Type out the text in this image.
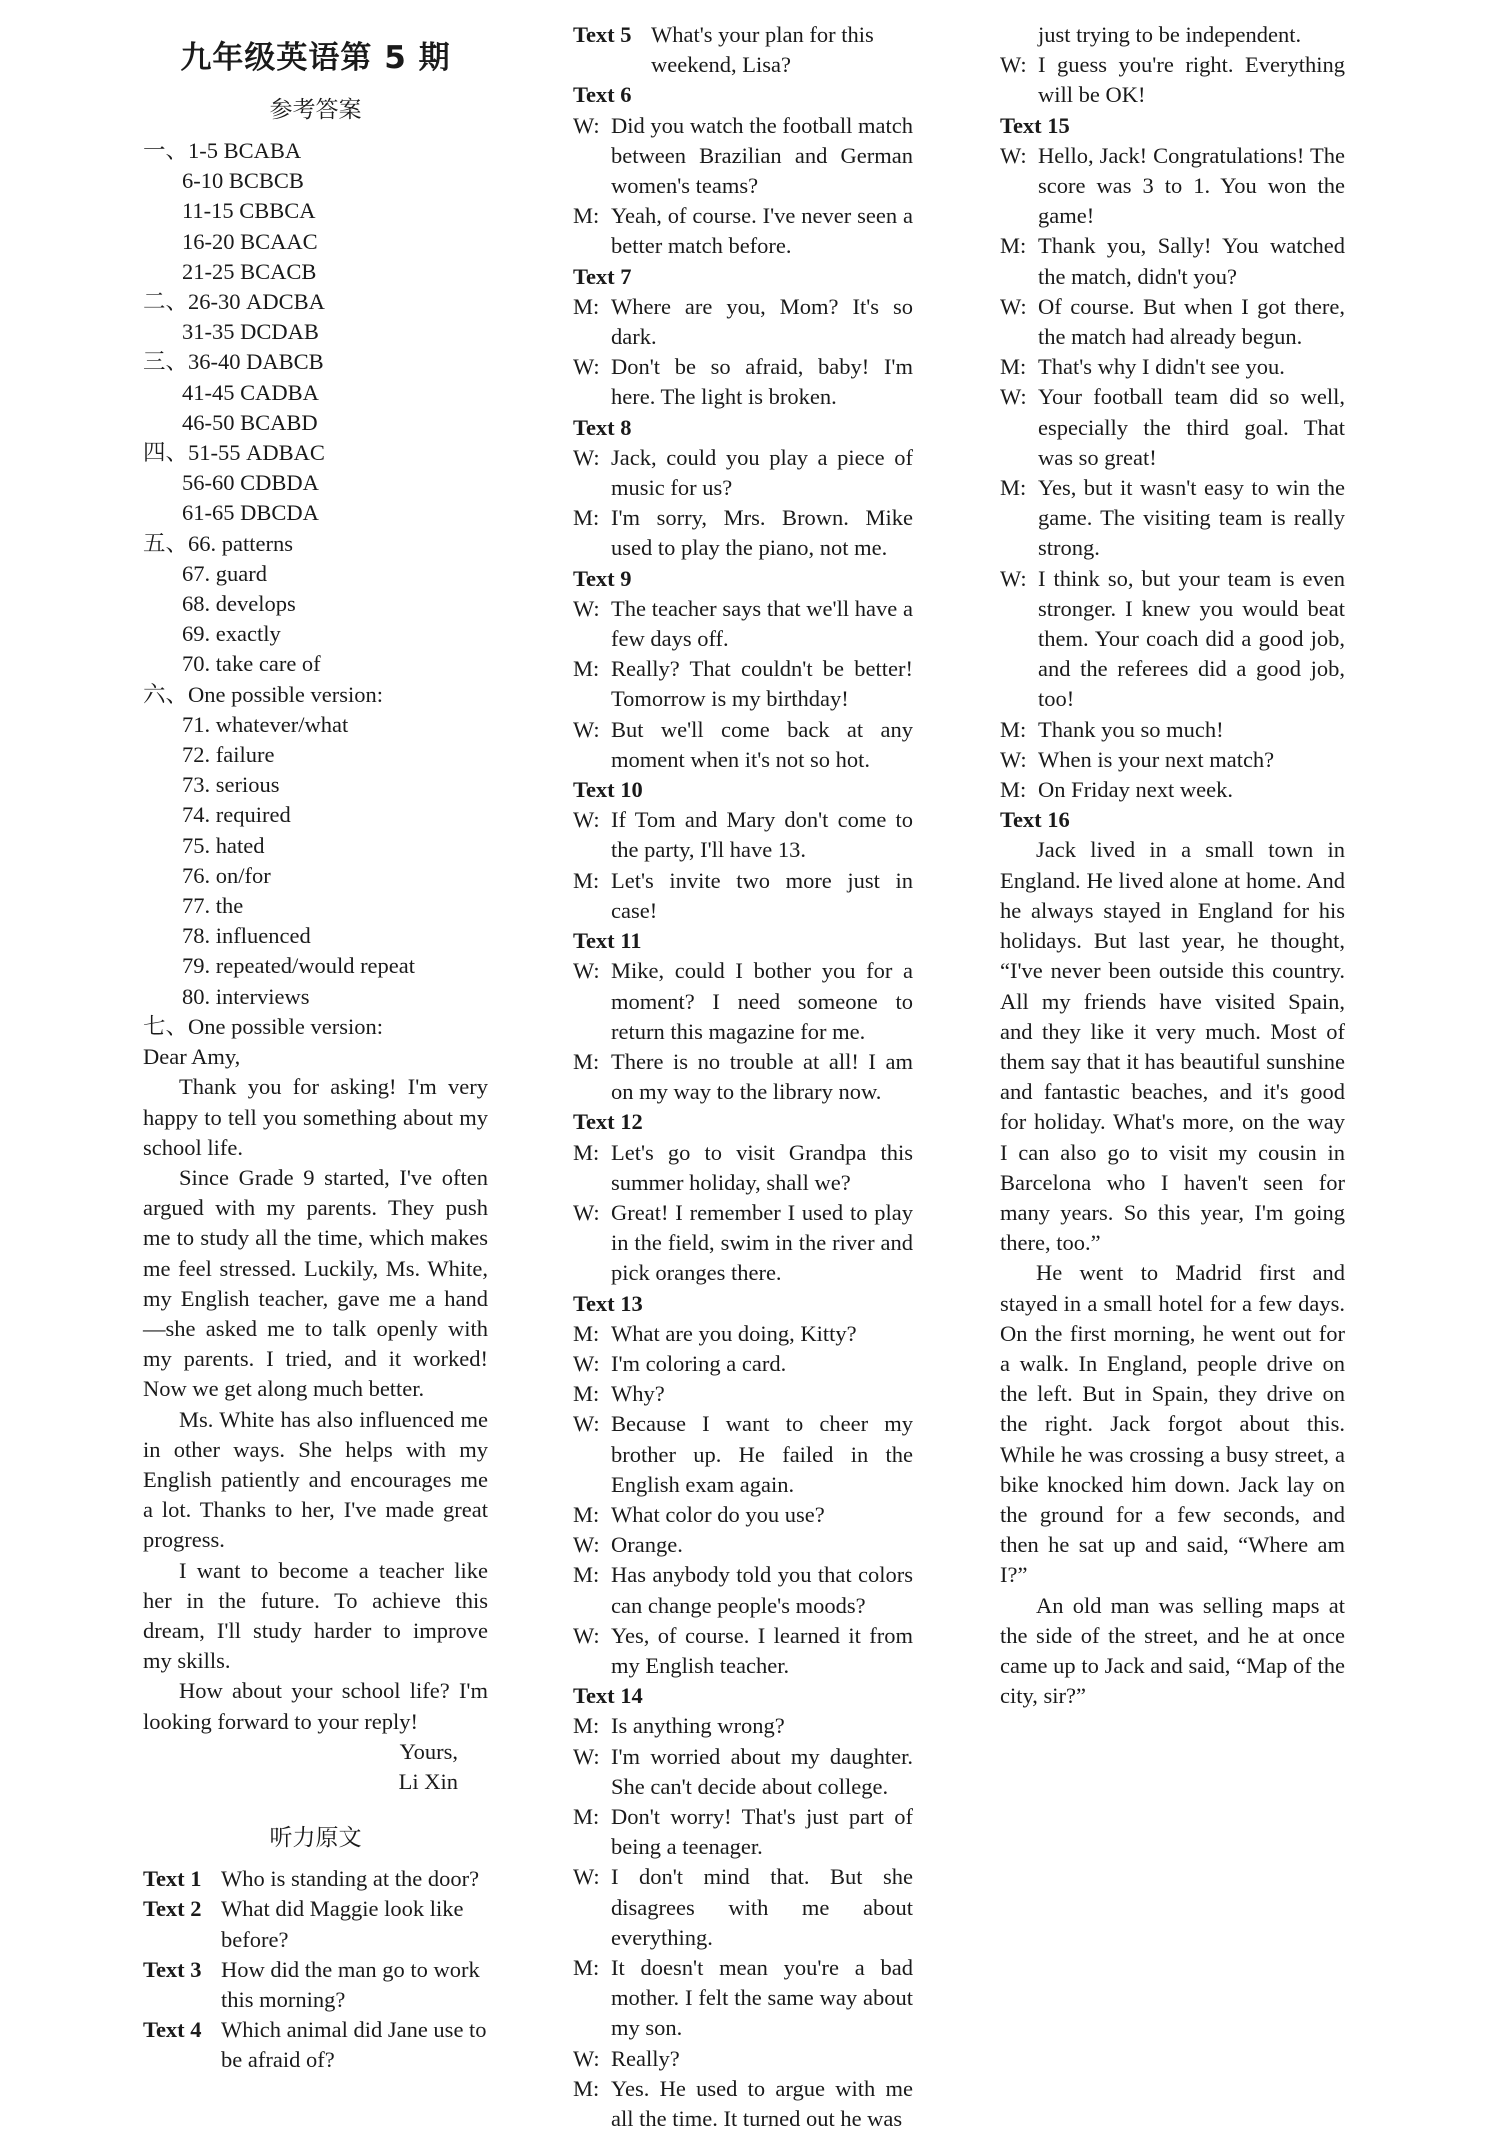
九年级英语第 5 期
参考答案
一、1-5 BCABA
6-10 BCBCB
11-15 CBBCA
16-20 BCAAC
21-25 BCACB
二、26-30 ADCBA
31-35 DCDAB
三、36-40 DABCB
41-45 CADBA
46-50 BCABD
四、51-55 ADBAC
56-60 CDBDA
61-65 DBCDA
五、66. patterns
67. guard
68. develops
69. exactly
70. take care of
六、One possible version:
71. whatever/what
72. failure
73. serious
74. required
75. hated
76. on/for
77. the
78. influenced
79. repeated/would repeat
80. interviews
七、One possible version:
Dear Amy,
Thank you for asking! I'm very happy to tell you something about my school life.
Since Grade 9 started, I've often argued with my parents. They push me to study all the time, which makes me feel stressed. Luckily, Ms. White, my English teacher, gave me a hand—she asked me to talk openly with my parents. I tried, and it worked! Now we get along much better.
Ms. White has also influenced me in other ways. She helps with my English patiently and encourages me a lot. Thanks to her, I've made great progress.
I want to become a teacher like her in the future. To achieve this dream, I'll study harder to improve my skills.
How about your school life? I'm looking forward to your reply!
Yours,
Li Xin
听力原文
Text 1 Who is standing at the door?
Text 2 What did Maggie look like before?
Text 3 How did the man go to work this morning?
Text 4 Which animal did Jane use to be afraid of?
Text 5 What's your plan for this weekend, Lisa?
Text 6
W: Did you watch the football match between Brazilian and German women's teams?
M: Yeah, of course. I've never seen a better match before.
Text 7
M: Where are you, Mom? It's so dark.
W: Don't be so afraid, baby! I'm here. The light is broken.
Text 8
W: Jack, could you play a piece of music for us?
M: I'm sorry, Mrs. Brown. Mike used to play the piano, not me.
Text 9
W: The teacher says that we'll have a few days off.
M: Really? That couldn't be better! Tomorrow is my birthday!
W: But we'll come back at any moment when it's not so hot.
Text 10
W: If Tom and Mary don't come to the party, I'll have 13.
M: Let's invite two more just in case!
Text 11
W: Mike, could I bother you for a moment? I need someone to return this magazine for me.
M: There is no trouble at all! I am on my way to the library now.
Text 12
M: Let's go to visit Grandpa this summer holiday, shall we?
W: Great! I remember I used to play in the field, swim in the river and pick oranges there.
Text 13
M: What are you doing, Kitty?
W: I'm coloring a card.
M: Why?
W: Because I want to cheer my brother up. He failed in the English exam again.
M: What color do you use?
W: Orange.
M: Has anybody told you that colors can change people's moods?
W: Yes, of course. I learned it from my English teacher.
Text 14
M: Is anything wrong?
W: I'm worried about my daughter. She can't decide about college.
M: Don't worry! That's just part of being a teenager.
W: I don't mind that. But she disagrees with me about everything.
M: It doesn't mean you're a bad mother. I felt the same way about my son.
W: Really?
M: Yes. He used to argue with me all the time. It turned out he was
just trying to be independent.
W: I guess you're right. Everything will be OK!
Text 15
W: Hello, Jack! Congratulations! The score was 3 to 1. You won the game!
M: Thank you, Sally! You watched the match, didn't you?
W: Of course. But when I got there, the match had already begun.
M: That's why I didn't see you.
W: Your football team did so well, especially the third goal. That was so great!
M: Yes, but it wasn't easy to win the game. The visiting team is really strong.
W: I think so, but your team is even stronger. I knew you would beat them. Your coach did a good job, and the referees did a good job, too!
M: Thank you so much!
W: When is your next match?
M: On Friday next week.
Text 16
Jack lived in a small town in England. He lived alone at home. And he always stayed in England for his holidays. But last year, he thought, “I've never been outside this country. All my friends have visited Spain, and they like it very much. Most of them say that it has beautiful sunshine and fantastic beaches, and it's good for holiday. What's more, on the way I can also go to visit my cousin in Barcelona who I haven't seen for many years. So this year, I'm going there, too.”
He went to Madrid first and stayed in a small hotel for a few days. On the first morning, he went out for a walk. In England, people drive on the left. But in Spain, they drive on the right. Jack forgot about this. While he was crossing a busy street, a bike knocked him down. Jack lay on the ground for a few seconds, and then he sat up and said, “Where am I?”
An old man was selling maps at the side of the street, and he at once came up to Jack and said, “Map of the city, sir?”
